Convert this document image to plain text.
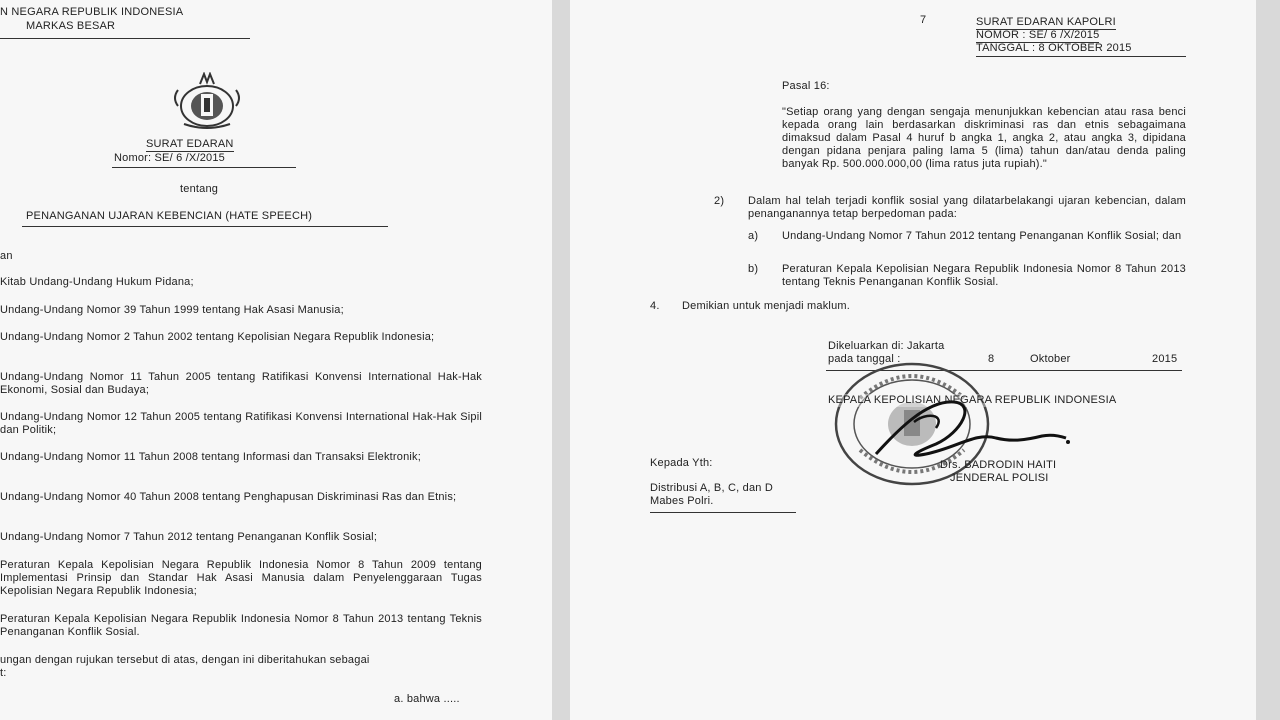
N NEGARA REPUBLIK INDONESIA
MARKAS BESAR
SURAT EDARAN
Nomor: SE/ 6 /X/2015
tentang
PENANGANAN UJARAN KEBENCIAN (HATE SPEECH)
an
Kitab Undang-Undang Hukum Pidana;
Undang-Undang Nomor 39 Tahun 1999 tentang Hak Asasi Manusia;
Undang-Undang Nomor 2 Tahun 2002 tentang Kepolisian Negara Republik Indonesia;
Undang-Undang Nomor 11 Tahun 2005 tentang Ratifikasi Konvensi International Hak-Hak Ekonomi, Sosial dan Budaya;
Undang-Undang Nomor 12 Tahun 2005 tentang Ratifikasi Konvensi International Hak-Hak Sipil dan Politik;
Undang-Undang Nomor 11 Tahun 2008 tentang Informasi dan Transaksi Elektronik;
Undang-Undang Nomor 40 Tahun 2008 tentang Penghapusan Diskriminasi Ras dan Etnis;
Undang-Undang Nomor 7 Tahun 2012 tentang Penanganan Konflik Sosial;
Peraturan Kepala Kepolisian Negara Republik Indonesia Nomor 8 Tahun 2009 tentang Implementasi Prinsip dan Standar Hak Asasi Manusia dalam Penyelenggaraan Tugas Kepolisian Negara Republik Indonesia;
Peraturan Kepala Kepolisian Negara Republik Indonesia Nomor 8 Tahun 2013 tentang Teknis Penanganan Konflik Sosial.
ungan dengan rujukan tersebut di atas, dengan ini diberitahukan sebagai
t:
a. bahwa .....
7	SURAT EDARAN KAPOLRI
NOMOR : SE/ 6 /X/2015
TANGGAL : 8 OKTOBER 2015
Pasal 16:
"Setiap orang yang dengan sengaja menunjukkan kebencian atau rasa benci kepada orang lain berdasarkan diskriminasi ras dan etnis sebagaimana dimaksud dalam Pasal 4 huruf b angka 1, angka 2, atau angka 3, dipidana dengan pidana penjara paling lama 5 (lima) tahun dan/atau denda paling banyak Rp. 500.000.000,00 (lima ratus juta rupiah)."
2) Dalam hal telah terjadi konflik sosial yang dilatarbelakangi ujaran kebencian, dalam penanganannya tetap berpedoman pada:
a) Undang-Undang Nomor 7 Tahun 2012 tentang Penanganan Konflik Sosial; dan
b) Peraturan Kepala Kepolisian Negara Republik Indonesia Nomor 8 Tahun 2013 tentang Teknis Penanganan Konflik Sosial.
4. Demikian untuk menjadi maklum.
Dikeluarkan di: Jakarta
pada tanggal :	8	Oktober	2015
KEPALA KEPOLISIAN NEGARA REPUBLIK INDONESIA
Drs. BADRODIN HAITI
JENDERAL POLISI
Kepada Yth:
Distribusi A, B, C, dan D
Mabes Polri.
